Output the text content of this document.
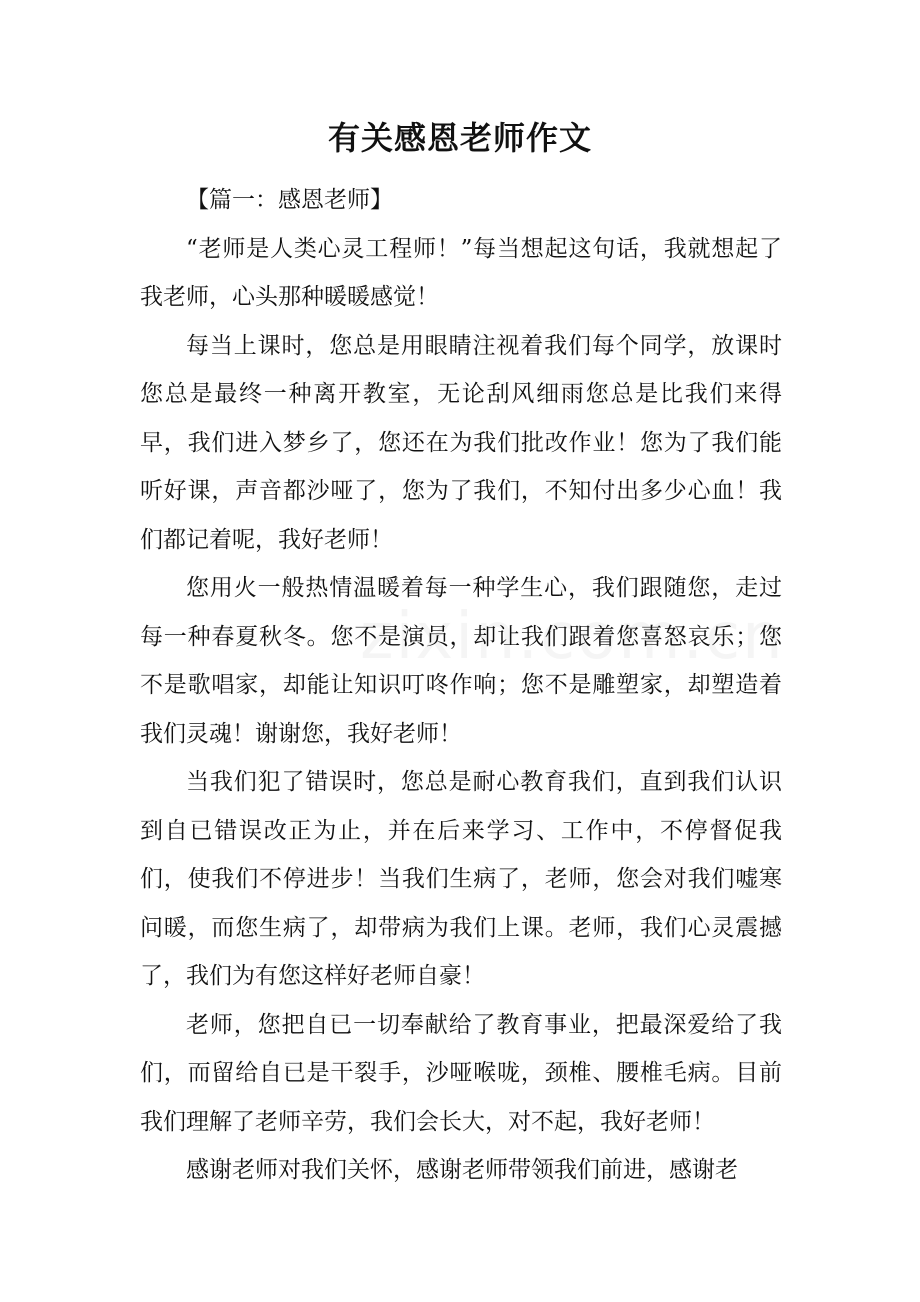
有关感恩老师作文

【篇一：感恩老师】

“老师是人类心灵工程师！”每当想起这句话，我就想起了我老师，心头那种暖暖感觉！

每当上课时，您总是用眼睛注视着我们每个同学，放课时您总是最终一种离开教室，无论刮风细雨您总是比我们来得早，我们进入梦乡了，您还在为我们批改作业！您为了我们能听好课，声音都沙哑了，您为了我们，不知付出多少心血！我们都记着呢，我好老师！

您用火一般热情温暖着每一种学生心，我们跟随您，走过每一种春夏秋冬。您不是演员，却让我们跟着您喜怒哀乐；您不是歌唱家，却能让知识叮咚作响；您不是雕塑家，却塑造着我们灵魂！谢谢您，我好老师！

当我们犯了错误时，您总是耐心教育我们，直到我们认识到自已错误改正为止，并在后来学习、工作中，不停督促我们，使我们不停进步！当我们生病了，老师，您会对我们嘘寒问暖，而您生病了，却带病为我们上课。老师，我们心灵震撼了，我们为有您这样好老师自豪！

老师，您把自已一切奉献给了教育事业，把最深爱给了我们，而留给自已是干裂手，沙哑喉咙，颈椎、腰椎毛病。目前我们理解了老师辛劳，我们会长大，对不起，我好老师！

感谢老师对我们关怀，感谢老师带领我们前进，感谢老
